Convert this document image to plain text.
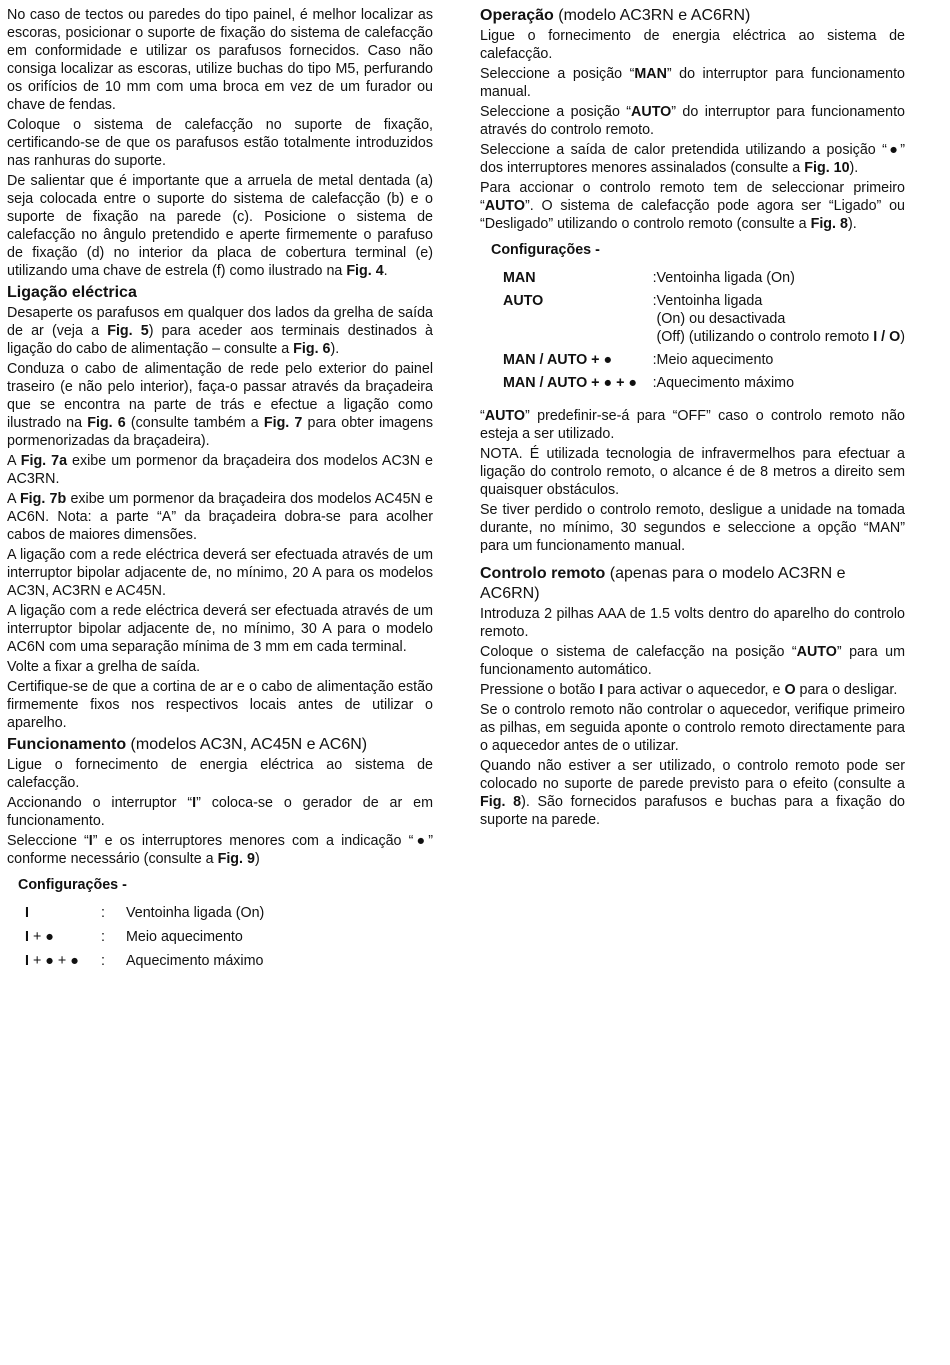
No caso de tectos ou paredes do tipo painel, é melhor localizar as escoras, posicionar o suporte de fixação do sistema de calefacção em conformidade e utilizar os parafusos fornecidos. Caso não consiga localizar as escoras, utilize buchas do tipo M5, perfurando os orifícios de 10 mm com uma broca em vez de um furador ou chave de fendas.

Coloque o sistema de calefacção no suporte de fixação, certificando-se de que os parafusos estão totalmente introduzidos nas ranhuras do suporte.

De salientar que é importante que a arruela de metal dentada (a) seja colocada entre o suporte do sistema de calefacção (b) e o suporte de fixação na parede (c). Posicione o sistema de calefacção no ângulo pretendido e aperte firmemente o parafuso de fixação (d) no interior da placa de cobertura terminal (e) utilizando uma chave de estrela (f) como ilustrado na Fig. 4.

Ligação eléctrica

Desaperte os parafusos em qualquer dos lados da grelha de saída de ar (veja a Fig. 5) para aceder aos terminais destinados à ligação do cabo de alimentação – consulte a Fig. 6).

Conduza o cabo de alimentação de rede pelo exterior do painel traseiro (e não pelo interior), faça-o passar através da braçadeira que se encontra na parte de trás e efectue a ligação como ilustrado na Fig. 6 (consulte também a Fig. 7 para obter imagens pormenorizadas da braçadeira).

A Fig. 7a exibe um pormenor da braçadeira dos modelos AC3N e AC3RN.

A Fig. 7b exibe um pormenor da braçadeira dos modelos AC45N e AC6N. Nota: a parte “A” da braçadeira dobra-se para acolher cabos de maiores dimensões.

A ligação com a rede eléctrica deverá ser efectuada através de um interruptor bipolar adjacente de, no mínimo, 20 A para os modelos AC3N, AC3RN e AC45N.

A ligação com a rede eléctrica deverá ser efectuada através de um interruptor bipolar adjacente de, no mínimo, 30 A para o modelo AC6N com uma separação mínima de 3 mm em cada terminal.

Volte a fixar a grelha de saída.

Certifique-se de que a cortina de ar e o cabo de alimentação estão firmemente fixos nos respectivos locais antes de utilizar o aparelho.

Funcionamento (modelos AC3N, AC45N e AC6N)

Ligue o fornecimento de energia eléctrica ao sistema de calefacção.

Accionando o interruptor “I” coloca-se o gerador de ar em funcionamento.

Seleccione “I” e os interruptores menores com a indicação “●” conforme necessário (consulte a Fig. 9)

Configurações -
I	:	Ventoinha ligada (On)
I + ●	:	Meio aquecimento
I + ● + ●	:	Aquecimento máximo
Operação (modelo AC3RN e AC6RN)

Ligue o fornecimento de energia eléctrica ao sistema de calefacção.

Seleccione a posição “MAN” do interruptor para funcionamento manual.

Seleccione a posição “AUTO” do interruptor para funcionamento através do controlo remoto.

Seleccione a saída de calor pretendida utilizando a posição “●” dos interruptores menores assinalados (consulte a Fig. 10).

Para accionar o controlo remoto tem de seleccionar primeiro “AUTO”. O sistema de calefacção pode agora ser “Ligado” ou “Desligado” utilizando o controlo remoto (consulte a Fig. 8).

Configurações -
MAN	:Ventoinha ligada (On)
AUTO	:Ventoinha ligada
(On) ou desactivada
(Off) (utilizando o controlo remoto I / O)

MAN / AUTO + ●	:Meio aquecimento
MAN / AUTO + ● + ●	:Aquecimento máximo

“AUTO” predefinir-se-á para “OFF” caso o controlo remoto não esteja a ser utilizado.

NOTA. É utilizada tecnologia de infravermelhos para efectuar a ligação do controlo remoto, o alcance é de 8 metros a direito sem quaisquer obstáculos.

Se tiver perdido o controlo remoto, desligue a unidade na tomada durante, no mínimo, 30 segundos e seleccione a opção “MAN” para um funcionamento manual.

Controlo remoto (apenas para o modelo AC3RN e AC6RN)

Introduza 2 pilhas AAA de 1.5 volts dentro do aparelho do controlo remoto.

Coloque o sistema de calefacção na posição “AUTO” para um funcionamento automático.

Pressione o botão I para activar o aquecedor, e O para o desligar.

Se o controlo remoto não controlar o aquecedor, verifique primeiro as pilhas, em seguida aponte o controlo remoto directamente para o aquecedor antes de o utilizar.

Quando não estiver a ser utilizado, o controlo remoto pode ser colocado no suporte de parede previsto para o efeito (consulte a Fig. 8). São fornecidos parafusos e buchas para a fixação do suporte na parede.
